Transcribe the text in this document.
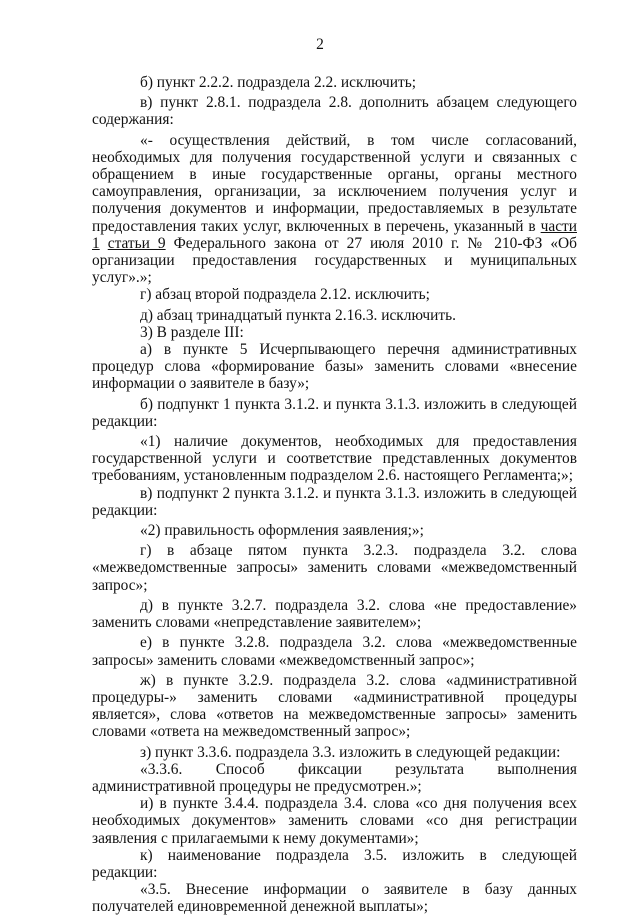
2

б) пункт 2.2.2. подраздела 2.2. исключить;

в) пункт 2.8.1. подраздела 2.8. дополнить абзацем следующего содержания:

«- осуществления действий, в том числе согласований, необходимых для получения государственной услуги и связанных с обращением в иные государственные органы, органы местного самоуправления, организации, за исключением получения услуг и получения документов и информации, предоставляемых в результате предоставления таких услуг, включенных в перечень, указанный в части 1 статьи 9 Федерального закона от 27 июля 2010 г. № 210-ФЗ «Об организации предоставления государственных и муниципальных услуг».»;

г) абзац второй подраздела 2.12. исключить;

д) абзац тринадцатый пункта 2.16.3. исключить.

3) В разделе III:

а) в пункте 5 Исчерпывающего перечня административных процедур слова «формирование базы» заменить словами «внесение информации о заявителе в базу»;

б) подпункт 1 пункта 3.1.2. и пункта 3.1.3. изложить в следующей редакции:

«1) наличие документов, необходимых для предоставления государственной услуги и соответствие представленных документов требованиям, установленным подразделом 2.6. настоящего Регламента;»;

в) подпункт 2 пункта 3.1.2. и пункта 3.1.3. изложить в следующей редакции:

«2) правильность оформления заявления;»;

г) в абзаце пятом пункта 3.2.3. подраздела 3.2. слова «межведомственные запросы» заменить словами «межведомственный запрос»;

д) в пункте 3.2.7. подраздела 3.2. слова «не предоставление» заменить словами «непредставление заявителем»;

е) в пункте 3.2.8. подраздела 3.2. слова «межведомственные запросы» заменить словами «межведомственный запрос»;

ж) в пункте 3.2.9. подраздела 3.2. слова «административной процедуры-» заменить словами «административной процедуры является», слова «ответов на межведомственные запросы» заменить словами «ответа на межведомственный запрос»;

з) пункт 3.3.6. подраздела 3.3. изложить в следующей редакции:

«3.3.6. Способ фиксации результата выполнения административной процедуры не предусмотрен.»;

и) в пункте 3.4.4. подраздела 3.4. слова «со дня получения всех необходимых документов» заменить словами «со дня регистрации заявления с прилагаемыми к нему документами»;

к) наименование подраздела 3.5. изложить в следующей редакции:

«3.5. Внесение информации о заявителе в базу данных получателей единовременной денежной выплаты»;
